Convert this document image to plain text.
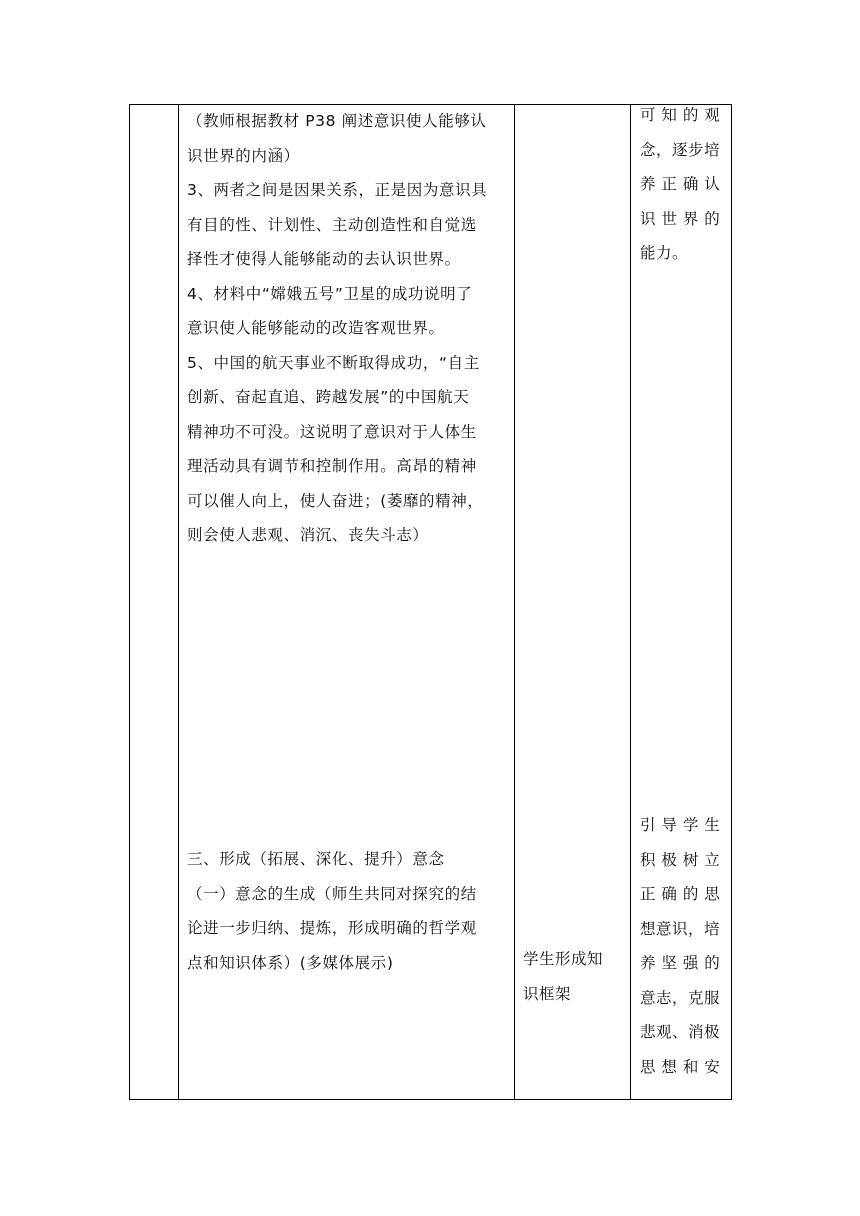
（教师根据教材 P38 阐述意识使人能够认

识世界的内涵）

3、两者之间是因果关系，正是因为意识具

有目的性、计划性、主动创造性和自觉选

择性才使得人能够能动的去认识世界。

4、材料中“嫦娥五号”卫星的成功说明了

意识使人能够能动的改造客观世界。

5、中国的航天事业不断取得成功，“自主

创新、奋起直追、跨越发展”的中国航天

精神功不可没。这说明了意识对于人体生

理活动具有调节和控制作用。高昂的精神

可以催人向上，使人奋进；(萎靡的精神，

则会使人悲观、消沉、丧失斗志）

三、形成（拓展、深化、提升）意念

（一）意念的生成（师生共同对探究的结

论进一步归纳、提炼，形成明确的哲学观

点和知识体系）(多媒体展示)	学生形成知

识框架

可 知 的 观

念，逐步培

养 正 确 认

识 世 界 的

能力。

引 导 学 生

积 极 树 立

正 确 的 思

想意识，培

养 坚 强 的

意志，克服

悲观、消极

思 想 和 安
